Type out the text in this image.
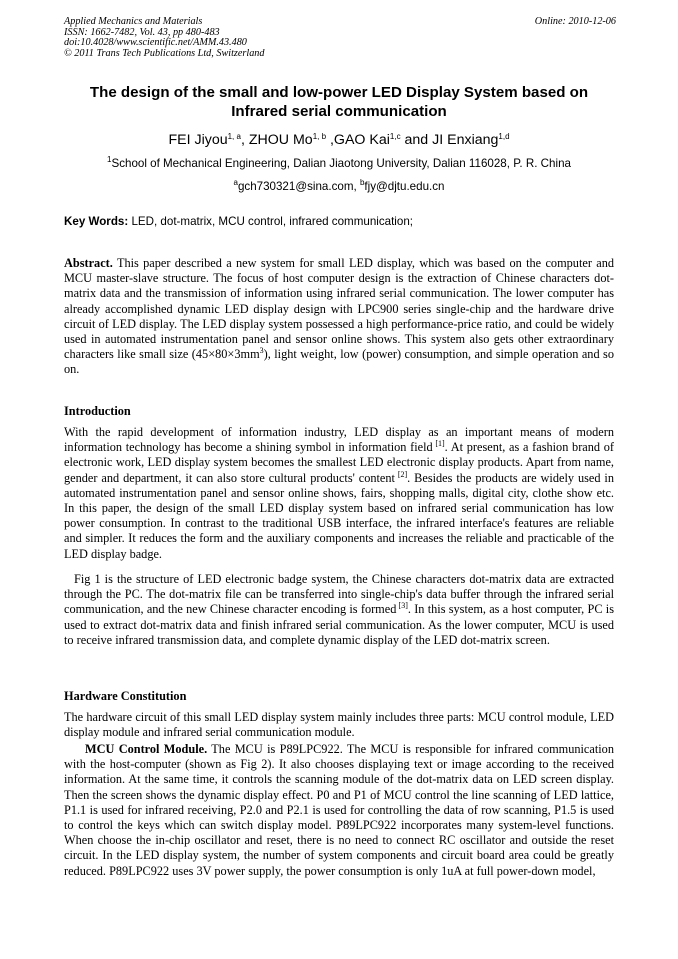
Applied Mechanics and Materials
ISSN: 1662-7482, Vol. 43, pp 480-483
doi:10.4028/www.scientific.net/AMM.43.480
© 2011 Trans Tech Publications Ltd, Switzerland
Online: 2010-12-06
The design of the small and low-power LED Display System based on
Infrared serial communication
FEI Jiyou$^{1, a}$, ZHOU Mo$^{1, b}$ ,GAO Kai$^{1,c}$ and JI Enxiang$^{1,d}$
$^1$School of Mechanical Engineering, Dalian Jiaotong University, Dalian 116028, P. R. China
$^a$gch730321@sina.com, $^b$fjy@djtu.edu.cn
Key Words: LED, dot-matrix, MCU control, infrared communication;
Abstract. This paper described a new system for small LED display, which was based on the computer and MCU master-slave structure. The focus of host computer design is the extraction of Chinese characters dot-matrix data and the transmission of information using infrared serial communication. The lower computer has already accomplished dynamic LED display design with LPC900 series single-chip and the hardware drive circuit of LED display. The LED display system possessed a high performance-price ratio, and could be widely used in automated instrumentation panel and sensor online shows. This system also gets other extraordinary characters like small size (45×80×3mm$^3$), light weight, low (power) consumption, and simple operation and so on.
Introduction
With the rapid development of information industry, LED display as an important means of modern information technology has become a shining symbol in information field [1]. At present, as a fashion brand of electronic work, LED display system becomes the smallest LED electronic display products. Apart from name, gender and department, it can also store cultural products' content [2]. Besides the products are widely used in automated instrumentation panel and sensor online shows, fairs, shopping malls, digital city, clothe show etc. In this paper, the design of the small LED display system based on infrared serial communication has low power consumption. In contrast to the traditional USB interface, the infrared interface's features are reliable and simpler. It reduces the form and the auxiliary components and increases the reliable and practicable of the LED display badge.
Fig 1 is the structure of LED electronic badge system, the Chinese characters dot-matrix data are extracted through the PC. The dot-matrix file can be transferred into single-chip's data buffer through the infrared serial communication, and the new Chinese character encoding is formed [3]. In this system, as a host computer, PC is used to extract dot-matrix data and finish infrared serial communication. As the lower computer, MCU is used to receive infrared transmission data, and complete dynamic display of the LED dot-matrix screen.
Hardware Constitution
The hardware circuit of this small LED display system mainly includes three parts: MCU control module, LED display module and infrared serial communication module.
MCU Control Module. The MCU is P89LPC922. The MCU is responsible for infrared communication with the host-computer (shown as Fig 2). It also chooses displaying text or image according to the received information. At the same time, it controls the scanning module of the dot-matrix data on LED screen display. Then the screen shows the dynamic display effect. P0 and P1 of MCU control the line scanning of LED lattice, P1.1 is used for infrared receiving, P2.0 and P2.1 is used for controlling the data of row scanning, P1.5 is used to control the keys which can switch display model. P89LPC922 incorporates many system-level functions. When choose the in-chip oscillator and reset, there is no need to connect RC oscillator and outside the reset circuit. In the LED display system, the number of system components and circuit board area could be greatly reduced. P89LPC922 uses 3V power supply, the power consumption is only 1uA at full power-down model,
